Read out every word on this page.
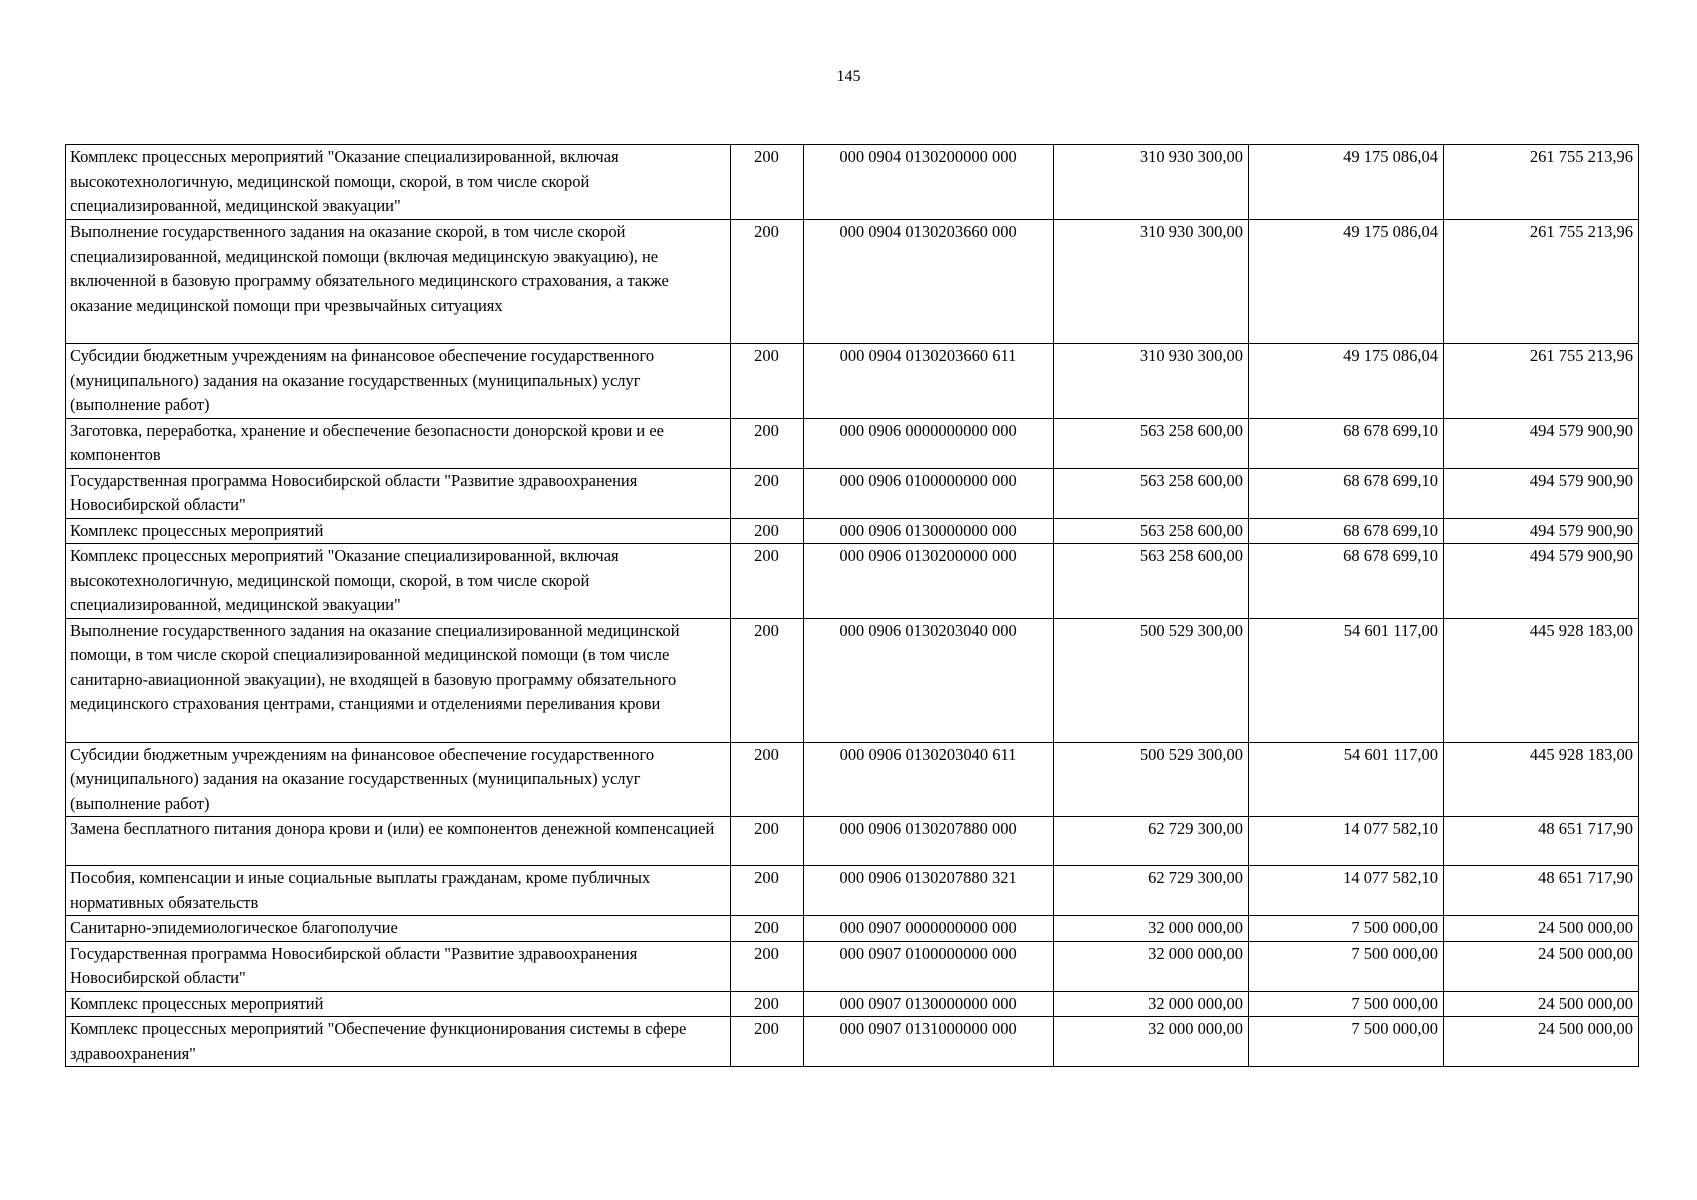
145
Комплекс процессных мероприятий "Оказание специализированной, включая высокотехнологичную, медицинской помощи, скорой, в том числе скорой специализированной, медицинской эвакуации"	200	000 0904 0130200000 000	310 930 300,00	49 175 086,04	261 755 213,96
Выполнение государственного задания на оказание скорой, в том числе скорой специализированной, медицинской помощи (включая медицинскую эвакуацию), не включенной в базовую программу обязательного медицинского страхования, а также оказание медицинской помощи при чрезвычайных ситуациях	200	000 0904 0130203660 000	310 930 300,00	49 175 086,04	261 755 213,96
Субсидии бюджетным учреждениям на финансовое обеспечение государственного (муниципального) задания на оказание государственных (муниципальных) услуг (выполнение работ)	200	000 0904 0130203660 611	310 930 300,00	49 175 086,04	261 755 213,96
Заготовка, переработка, хранение и обеспечение безопасности донорской крови и ее компонентов	200	000 0906 0000000000 000	563 258 600,00	68 678 699,10	494 579 900,90
Государственная программа Новосибирской области "Развитие здравоохранения Новосибирской области"	200	000 0906 0100000000 000	563 258 600,00	68 678 699,10	494 579 900,90
Комплекс процессных мероприятий	200	000 0906 0130000000 000	563 258 600,00	68 678 699,10	494 579 900,90
Комплекс процессных мероприятий "Оказание специализированной, включая высокотехнологичную, медицинской помощи, скорой, в том числе скорой специализированной, медицинской эвакуации"	200	000 0906 0130200000 000	563 258 600,00	68 678 699,10	494 579 900,90
Выполнение государственного задания на оказание специализированной медицинской помощи, в том числе скорой специализированной медицинской помощи (в том числе санитарно-авиационной эвакуации), не входящей в базовую программу обязательного медицинского страхования центрами, станциями и отделениями переливания крови	200	000 0906 0130203040 000	500 529 300,00	54 601 117,00	445 928 183,00
Субсидии бюджетным учреждениям на финансовое обеспечение государственного (муниципального) задания на оказание государственных (муниципальных) услуг (выполнение работ)	200	000 0906 0130203040 611	500 529 300,00	54 601 117,00	445 928 183,00
Замена бесплатного питания донора крови и (или) ее компонентов денежной компенсацией	200	000 0906 0130207880 000	62 729 300,00	14 077 582,10	48 651 717,90
Пособия, компенсации и иные социальные выплаты гражданам, кроме публичных нормативных обязательств	200	000 0906 0130207880 321	62 729 300,00	14 077 582,10	48 651 717,90
Санитарно-эпидемиологическое благополучие	200	000 0907 0000000000 000	32 000 000,00	7 500 000,00	24 500 000,00
Государственная программа Новосибирской области "Развитие здравоохранения Новосибирской области"	200	000 0907 0100000000 000	32 000 000,00	7 500 000,00	24 500 000,00
Комплекс процессных мероприятий	200	000 0907 0130000000 000	32 000 000,00	7 500 000,00	24 500 000,00
Комплекс процессных мероприятий "Обеспечение функционирования системы в сфере здравоохранения"	200	000 0907 0131000000 000	32 000 000,00	7 500 000,00	24 500 000,00
